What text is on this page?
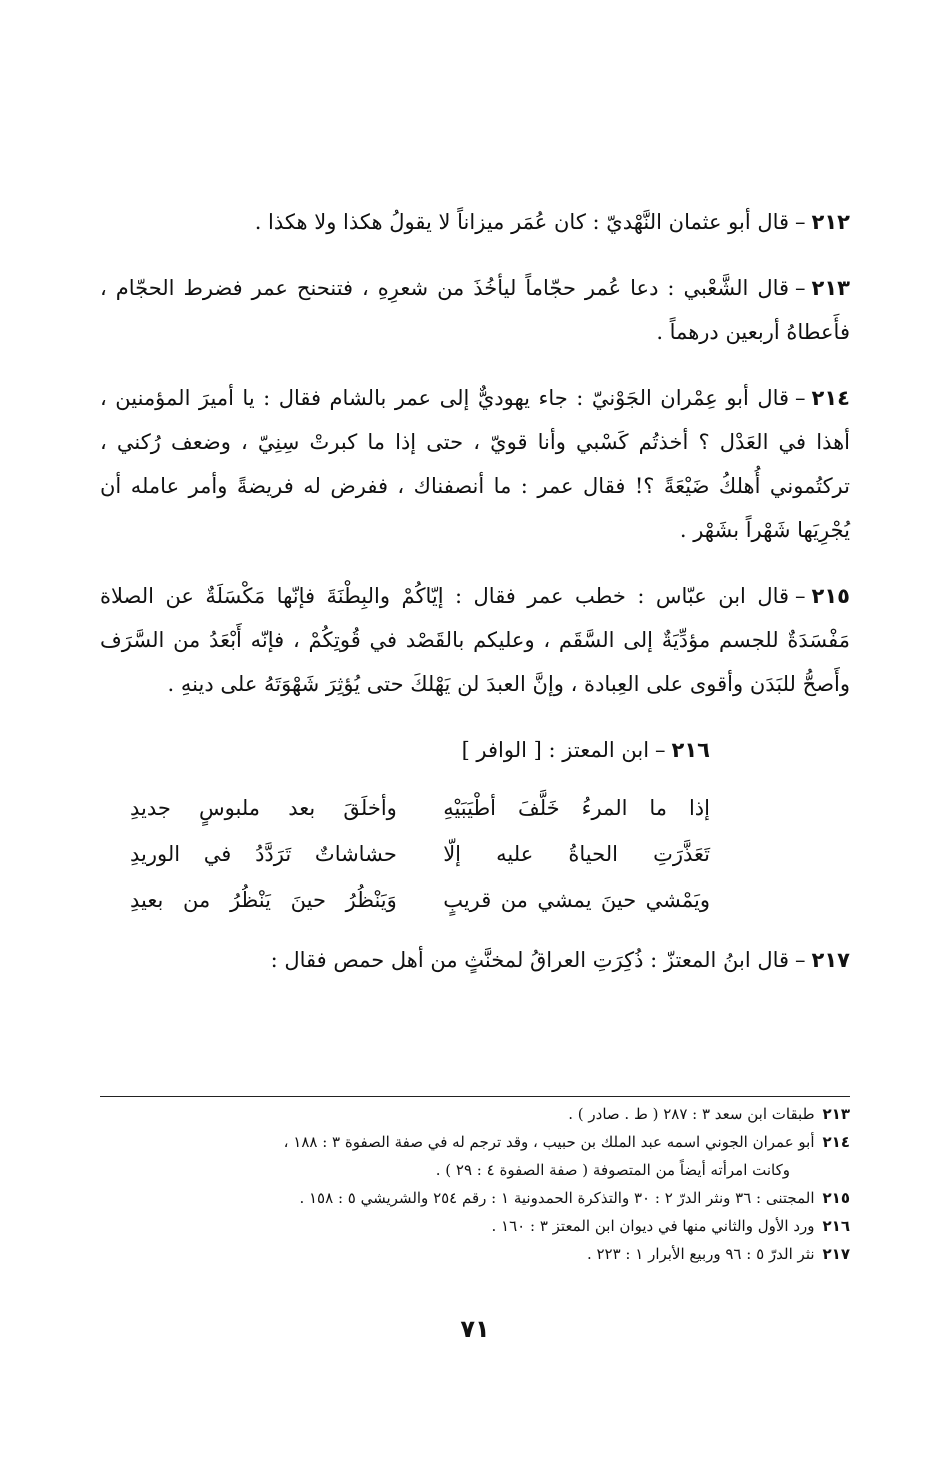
٢١٢–قال أبو عثمان النَّهْديّ : كان عُمَر ميزاناً لا يقولُ هكذا ولا هكذا .

٢١٣–قال الشَّعْبي : دعا عُمر حجّاماً ليأخُذَ من شعرِهِ ، فتنحنح عمر فضرط الحجّام ، فأَعطاهُ أربعين درهماً .

٢١٤–قال أبو عِمْران الجَوْنيّ : جاء يهوديٌّ إلى عمر بالشام فقال : يا أميرَ المؤمنين ، أهذا في العَدْل ؟ أخذتُم كَسْبي وأنا قويّ ، حتى إذا ما كبرتْ سِنِيّ ، وضعف رُكني ، تركتُموني أُهلكُ ضَيْعَةً ؟! فقال عمر : ما أنصفناك ، ففرض له فريضةً وأمر عامله أن يُجْرِيَها شَهْراً بشَهْر .

٢١٥–قال ابن عبّاس : خطب عمر فقال : إيّاكُمْ والبِطْنَةَ فإنّها مَكْسَلَةٌ عن الصلاة مَفْسَدَةٌ للجسم مؤدِّيَةٌ إلى السَّقَم ، وعليكم بالقَصْد في قُوتِكُمْ ، فإنّه أَبْعَدُ من السَّرَف وأَصحُّ للبَدَن وأقوى على العِبادة ، وإنَّ العبدَ لن يَهْلكَ حتى يُؤثِرَ شَهْوَتَهُ على دينهِ .

٢١٦–ابن المعتز : [ الوافر ]

إذا ما المرءُ خَلَّفَ أطْيَبَيْهِ
وأخلَقَ بعد ملبوسٍ جديدِ
تَعَذَّرَتِ الحياةُ عليه إلّا
حشاشاتٌ تَرَدَّدُ في الوريدِ
ويَمْشي حينَ يمشي من قريبٍ
وَيَنْظُرُ حينَ يَنْظُرُ من بعيدِ

٢١٧–قال ابنُ المعتزّ : ذُكِرَتِ العراقُ لمخنَّثٍ من أهل حمص فقال :

٢١٣طبقات ابن سعد ٣ : ٢٨٧ ( ط . صادر ) .

٢١٤أبو عمران الجوني اسمه عبد الملك بن حبيب ، وقد ترجم له في صفة الصفوة ٣ : ١٨٨ ،

وكانت امرأته أيضاً من المتصوفة ( صفة الصفوة ٤ : ٢٩ ) .

٢١٥المجتنى : ٣٦ ونثر الدرّ ٢ : ٣٠ والتذكرة الحمدونية ١ : رقم ٢٥٤ والشريشي ٥ : ١٥٨ .

٢١٦ورد الأول والثاني منها في ديوان ابن المعتز ٣ : ١٦٠ .

٢١٧نثر الدرّ ٥ : ٩٦ وربيع الأبرار ١ : ٢٢٣ .

٧١
